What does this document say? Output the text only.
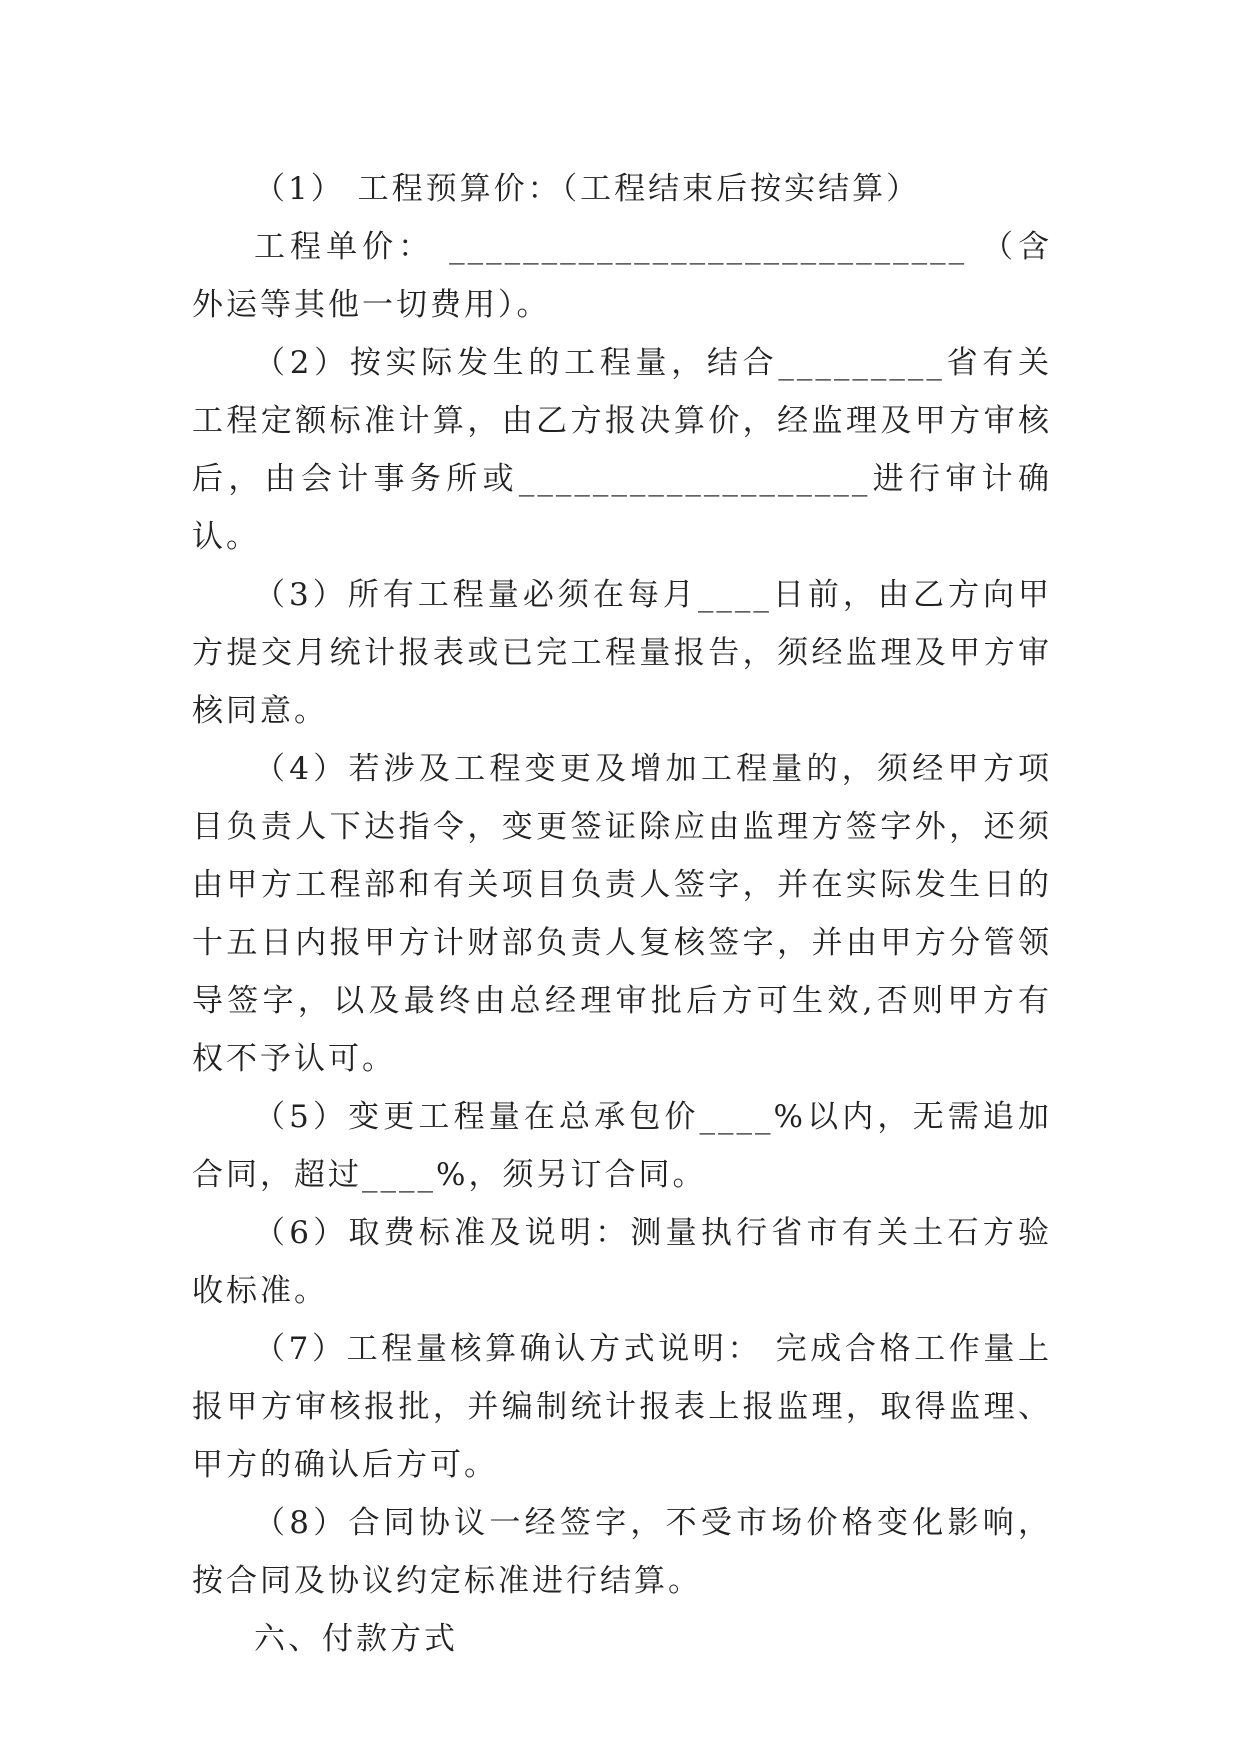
（1） 工程预算价：（工程结束后按实结算）

工程单价： ____________________________ （含外运等其他一切费用）。

（2）按实际发生的工程量，结合_________省有关工程定额标准计算，由乙方报决算价，经监理及甲方审核后，由会计事务所或___________________进行审计确认。

（3）所有工程量必须在每月____日前，由乙方向甲方提交月统计报表或已完工程量报告，须经监理及甲方审核同意。

（4）若涉及工程变更及增加工程量的，须经甲方项目负责人下达指令，变更签证除应由监理方签字外，还须由甲方工程部和有关项目负责人签字，并在实际发生日的十五日内报甲方计财部负责人复核签字，并由甲方分管领导签字，以及最终由总经理审批后方可生效,否则甲方有权不予认可。

（5）变更工程量在总承包价____%以内，无需追加合同，超过____%，须另订合同。

（6）取费标准及说明：测量执行省市有关土石方验收标准。

（7）工程量核算确认方式说明： 完成合格工作量上报甲方审核报批，并编制统计报表上报监理，取得监理、甲方的确认后方可。

（8）合同协议一经签字，不受市场价格变化影响，按合同及协议约定标准进行结算。

六、付款方式
